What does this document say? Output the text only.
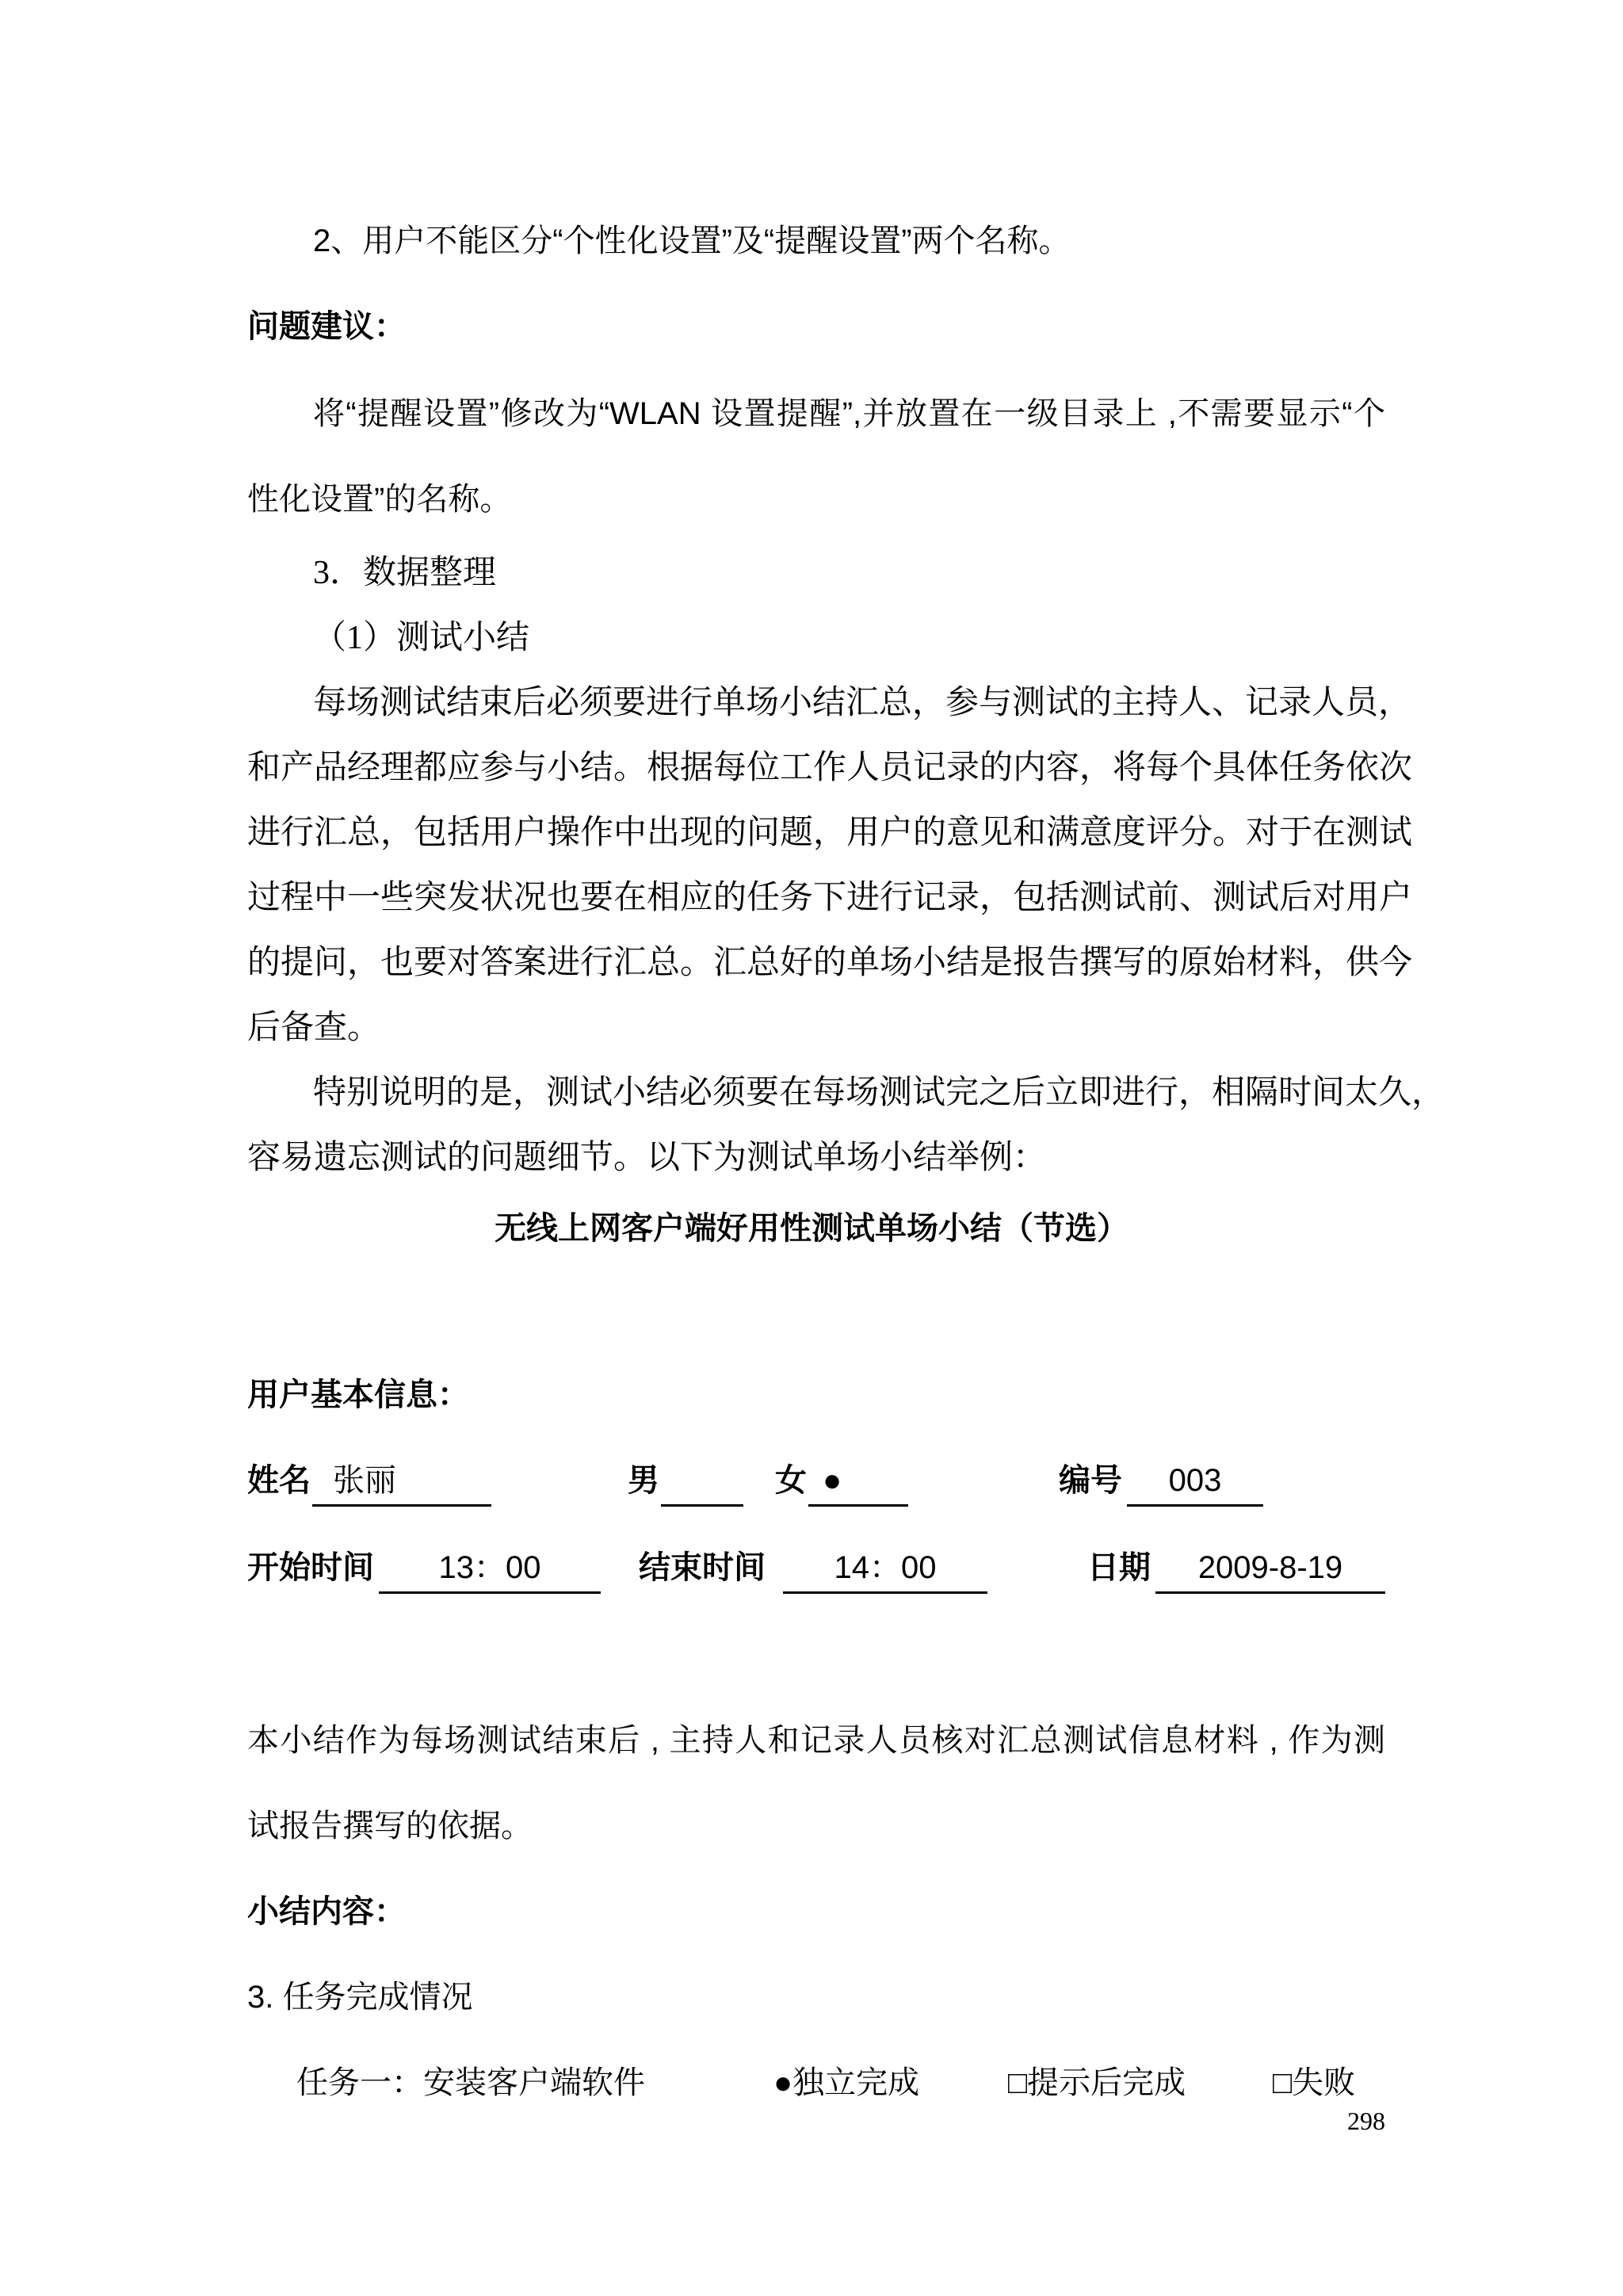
2、用户不能区分“个性化设置”及“提醒设置”两个名称。
问题建议：
将“提醒设置”修改为“WLAN 设置提醒”,并放置在一级目录上 ,不需要显示“个
性化设置”的名称。
3．数据整理
（1）测试小结
每场测试结束后必须要进行单场小结汇总，参与测试的主持人、记录人员，
和产品经理都应参与小结。根据每位工作人员记录的内容，将每个具体任务依次
进行汇总，包括用户操作中出现的问题，用户的意见和满意度评分。对于在测试
过程中一些突发状况也要在相应的任务下进行记录，包括测试前、测试后对用户
的提问，也要对答案进行汇总。汇总好的单场小结是报告撰写的原始材料，供今
后备查。
特别说明的是，测试小结必须要在每场测试完之后立即进行，相隔时间太久，
容易遗忘测试的问题细节。以下为测试单场小结举例：
无线上网客户端好用性测试单场小结（节选）
用户基本信息：
姓名 张丽	男	女 ●	编号	003
开始时间	13：00	结束时间	14：00	日期	2009-8-19
本小结作为每场测试结束后 , 主持人和记录人员核对汇总测试信息材料 , 作为测
试报告撰写的依据。
小结内容：
3. 任务完成情况
任务一：安装客户端软件	●独立完成	□提示后完成	□失败
298
